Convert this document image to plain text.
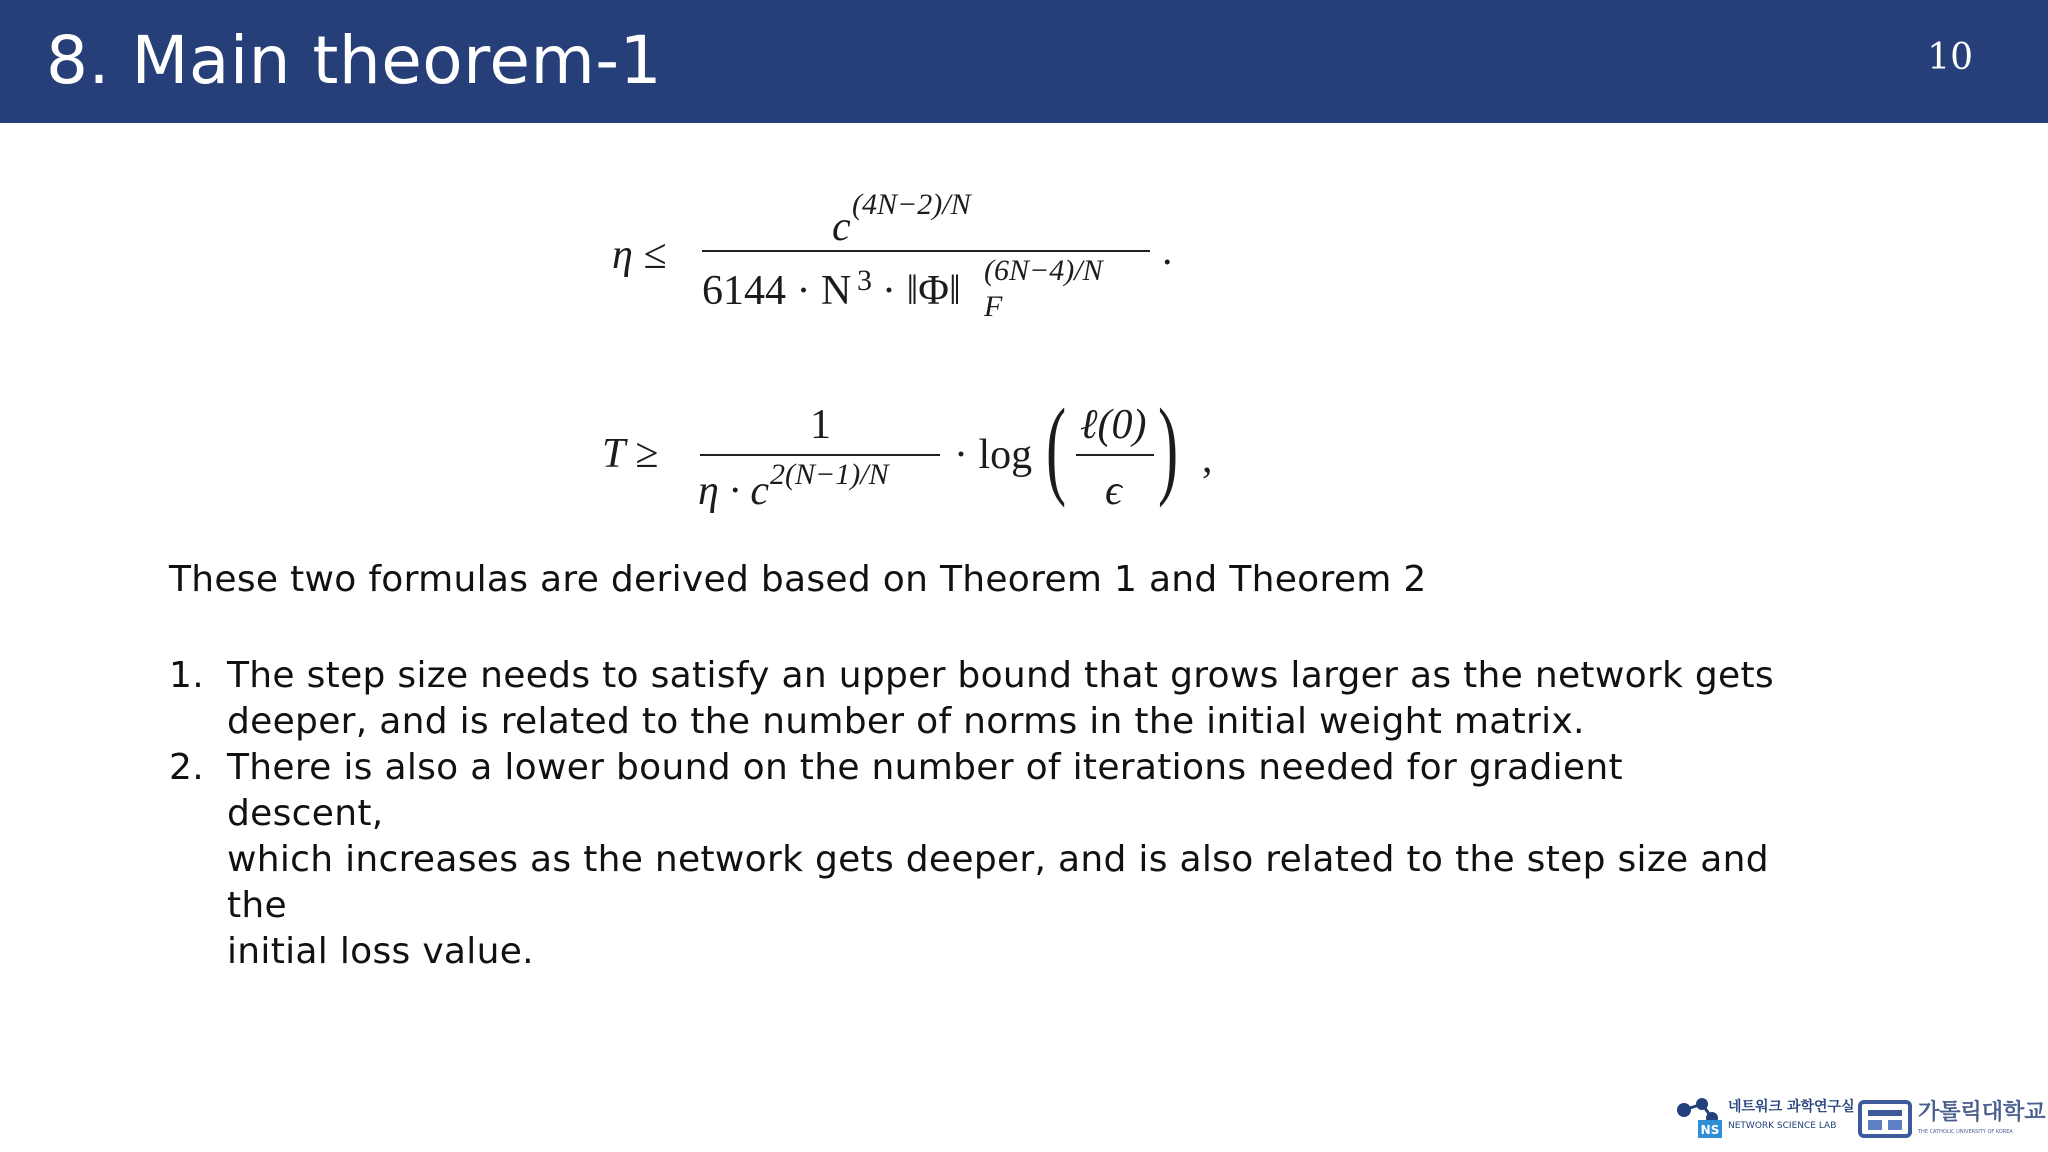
8. Main theorem-1	10
η ≤
c (4N−2)/N
6144 · N 3 · ‖Φ‖ (6N−4)/N
F
.
T ≥
1
η · c 2(N−1)/N · log ( ℓ(0)
ϵ ) ,
These two formulas are derived based on Theorem 1 and Theorem 2
1. The step size needs to satisfy an upper bound that grows larger as the network gets
deeper, and is related to the number of norms in the initial weight matrix.
2. There is also a lower bound on the number of iterations needed for gradient descent,
which increases as the network gets deeper, and is also related to the step size and the
initial loss value.
NS
네트워크 과학연구실
NETWORK SCIENCE LAB
가톨릭대학교
THE CATHOLIC UNIVERSITY OF KOREA
